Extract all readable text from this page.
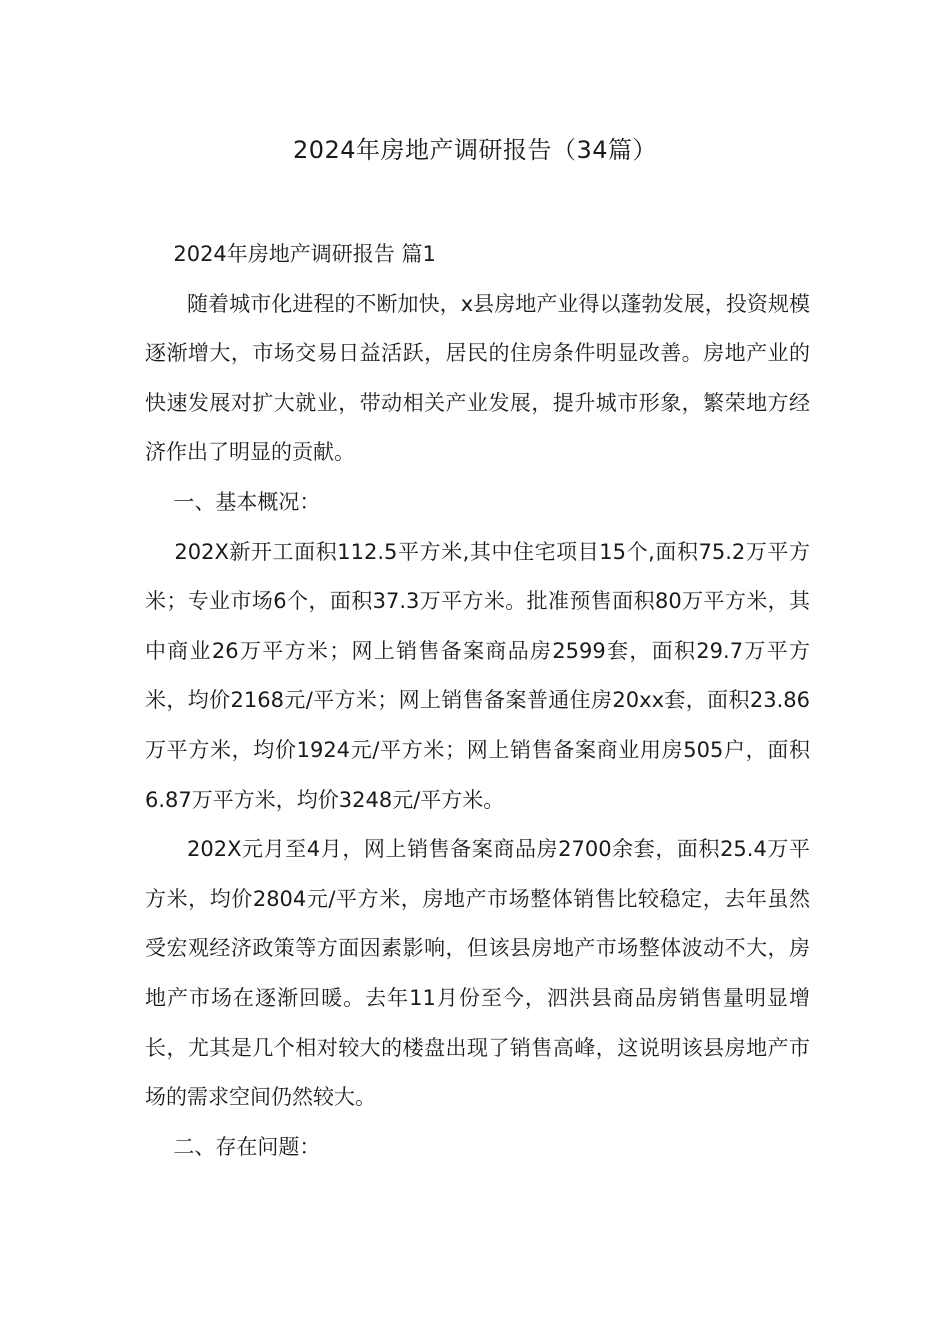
2024年房地产调研报告（34篇）

2024年房地产调研报告 篇1

随着城市化进程的不断加快，x县房地产业得以蓬勃发展，投资规模逐渐增大，市场交易日益活跃，居民的住房条件明显改善。房地产业的快速发展对扩大就业，带动相关产业发展，提升城市形象，繁荣地方经济作出了明显的贡献。

一、基本概况：

202X新开工面积112.5平方米,其中住宅项目15个,面积75.2万平方米；专业市场6个，面积37.3万平方米。批准预售面积80万平方米，其中商业26万平方米；网上销售备案商品房2599套，面积29.7万平方米，均价2168元/平方米；网上销售备案普通住房20xx套，面积23.86万平方米，均价1924元/平方米；网上销售备案商业用房505户，面积6.87万平方米，均价3248元/平方米。

202X元月至4月，网上销售备案商品房2700余套，面积25.4万平方米，均价2804元/平方米，房地产市场整体销售比较稳定，去年虽然受宏观经济政策等方面因素影响，但该县房地产市场整体波动不大，房地产市场在逐渐回暖。去年11月份至今，泗洪县商品房销售量明显增长，尤其是几个相对较大的楼盘出现了销售高峰，这说明该县房地产市场的需求空间仍然较大。

二、存在问题：
